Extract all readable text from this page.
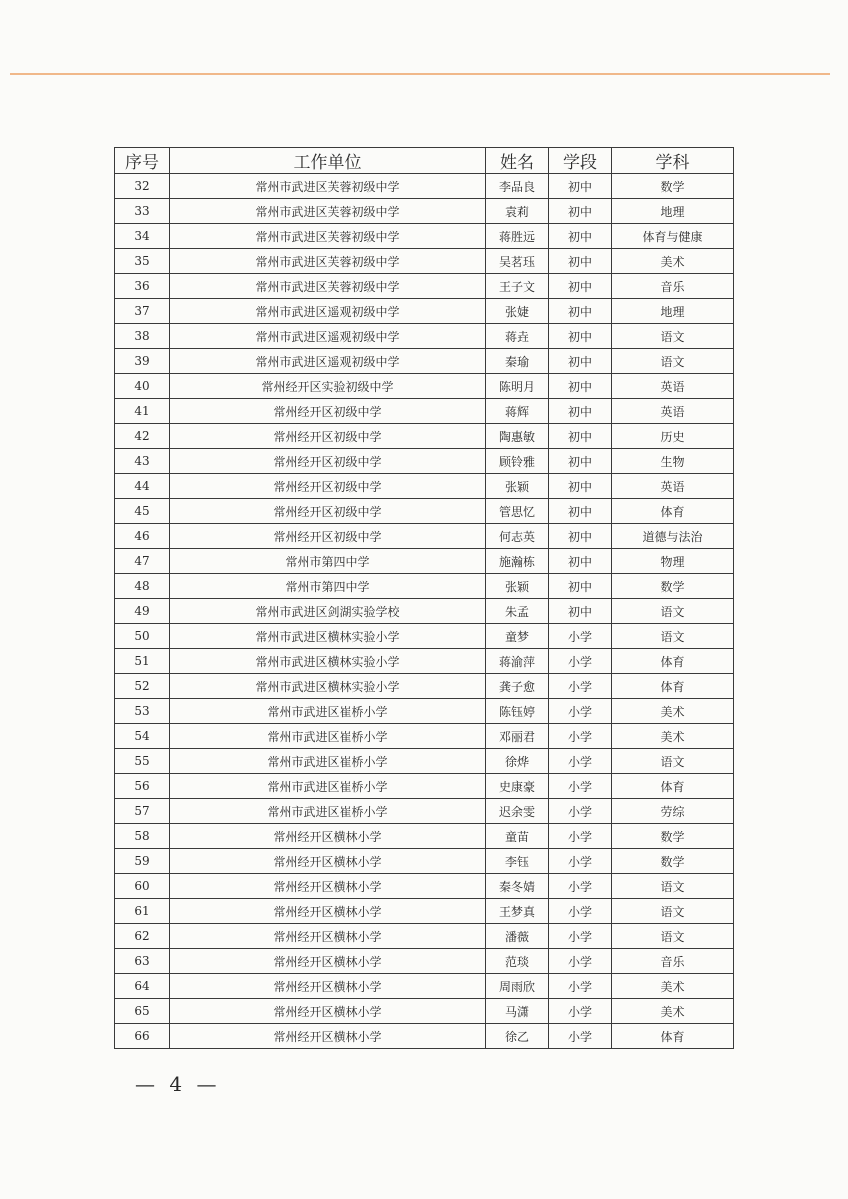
序号	工作单位	姓名	学段	学科
32	常州市武进区芙蓉初级中学	李品良	初中	数学
33	常州市武进区芙蓉初级中学	袁莉	初中	地理
34	常州市武进区芙蓉初级中学	蒋胜远	初中	体育与健康
35	常州市武进区芙蓉初级中学	吴茗珏	初中	美术
36	常州市武进区芙蓉初级中学	王子文	初中	音乐
37	常州市武进区遥观初级中学	张婕	初中	地理
38	常州市武进区遥观初级中学	蒋垚	初中	语文
39	常州市武进区遥观初级中学	秦瑜	初中	语文
40	常州经开区实验初级中学	陈明月	初中	英语
41	常州经开区初级中学	蒋辉	初中	英语
42	常州经开区初级中学	陶惠敏	初中	历史
43	常州经开区初级中学	顾铃雅	初中	生物
44	常州经开区初级中学	张颖	初中	英语
45	常州经开区初级中学	管思忆	初中	体育
46	常州经开区初级中学	何志英	初中	道德与法治
47	常州市第四中学	施瀚栋	初中	物理
48	常州市第四中学	张颖	初中	数学
49	常州市武进区剑湖实验学校	朱孟	初中	语文
50	常州市武进区横林实验小学	童梦	小学	语文
51	常州市武进区横林实验小学	蒋渝萍	小学	体育
52	常州市武进区横林实验小学	龚子愈	小学	体育
53	常州市武进区崔桥小学	陈钰婷	小学	美术
54	常州市武进区崔桥小学	邓丽君	小学	美术
55	常州市武进区崔桥小学	徐烨	小学	语文
56	常州市武进区崔桥小学	史康豪	小学	体育
57	常州市武进区崔桥小学	迟余雯	小学	劳综
58	常州经开区横林小学	童苗	小学	数学
59	常州经开区横林小学	李钰	小学	数学
60	常州经开区横林小学	秦冬婧	小学	语文
61	常州经开区横林小学	王梦真	小学	语文
62	常州经开区横林小学	潘薇	小学	语文
63	常州经开区横林小学	范琰	小学	音乐
64	常州经开区横林小学	周雨欣	小学	美术
65	常州经开区横林小学	马潇	小学	美术
66	常州经开区横林小学	徐乙	小学	体育
— 4 —
